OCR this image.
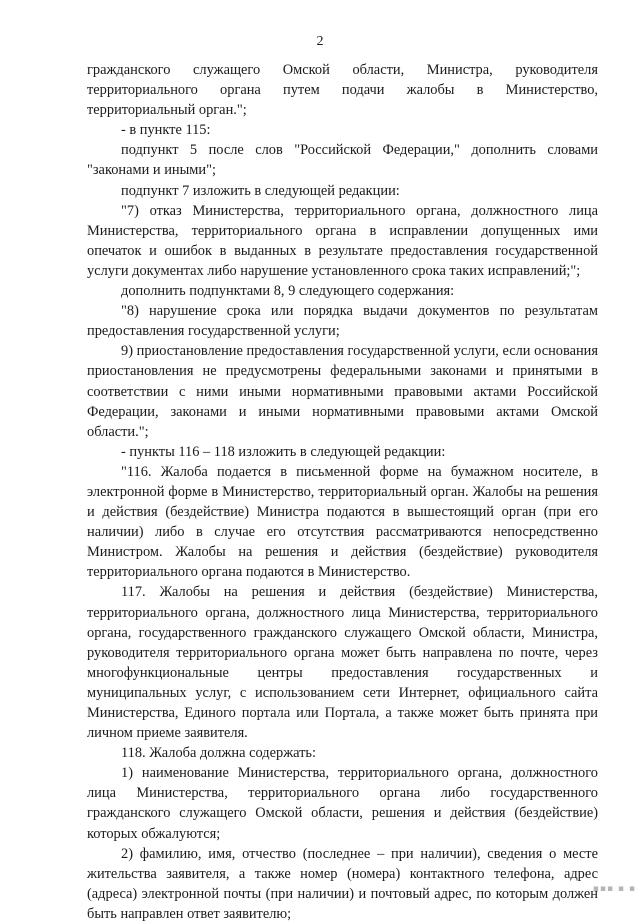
2

гражданского служащего Омской области, Министра, руководителя территориального органа путем подачи жалобы в Министерство, территориальный орган.";

- в пункте 115:

подпункт 5 после слов "Российской Федерации," дополнить словами "законами и иными";

подпункт 7 изложить в следующей редакции:

"7) отказ Министерства, территориального органа, должностного лица Министерства, территориального органа в исправлении допущенных ими опечаток и ошибок в выданных в результате предоставления государственной услуги документах либо нарушение установленного срока таких исправлений;";

дополнить подпунктами 8, 9 следующего содержания:

"8) нарушение срока или порядка выдачи документов по результатам предоставления государственной услуги;

9) приостановление предоставления государственной услуги, если основания приостановления не предусмотрены федеральными законами и принятыми в соответствии с ними иными нормативными правовыми актами Российской Федерации, законами и иными нормативными правовыми актами Омской области.";

- пункты 116 – 118 изложить в следующей редакции:

"116. Жалоба подается в письменной форме на бумажном носителе, в электронной форме в Министерство, территориальный орган. Жалобы на решения и действия (бездействие) Министра подаются в вышестоящий орган (при его наличии) либо в случае его отсутствия рассматриваются непосредственно Министром. Жалобы на решения и действия (бездействие) руководителя территориального органа подаются в Министерство.

117. Жалобы на решения и действия (бездействие) Министерства, территориального органа, должностного лица Министерства, территориального органа, государственного гражданского служащего Омской области, Министра, руководителя территориального органа может быть направлена по почте, через многофункциональные центры предоставления государственных и муниципальных услуг, с использованием сети Интернет, официального сайта Министерства, Единого портала или Портала, а также может быть принята при личном приеме заявителя.

118. Жалоба должна содержать:

1) наименование Министерства, территориального органа, должностного лица Министерства, территориального органа либо государственного гражданского служащего Омской области, решения и действия (бездействие) которых обжалуются;

2) фамилию, имя, отчество (последнее – при наличии), сведения о месте жительства заявителя, а также номер (номера) контактного телефона, адрес (адреса) электронной почты (при наличии) и почтовый адрес, по которым должен быть направлен ответ заявителю;

▪▪▪ ▪ ▪
